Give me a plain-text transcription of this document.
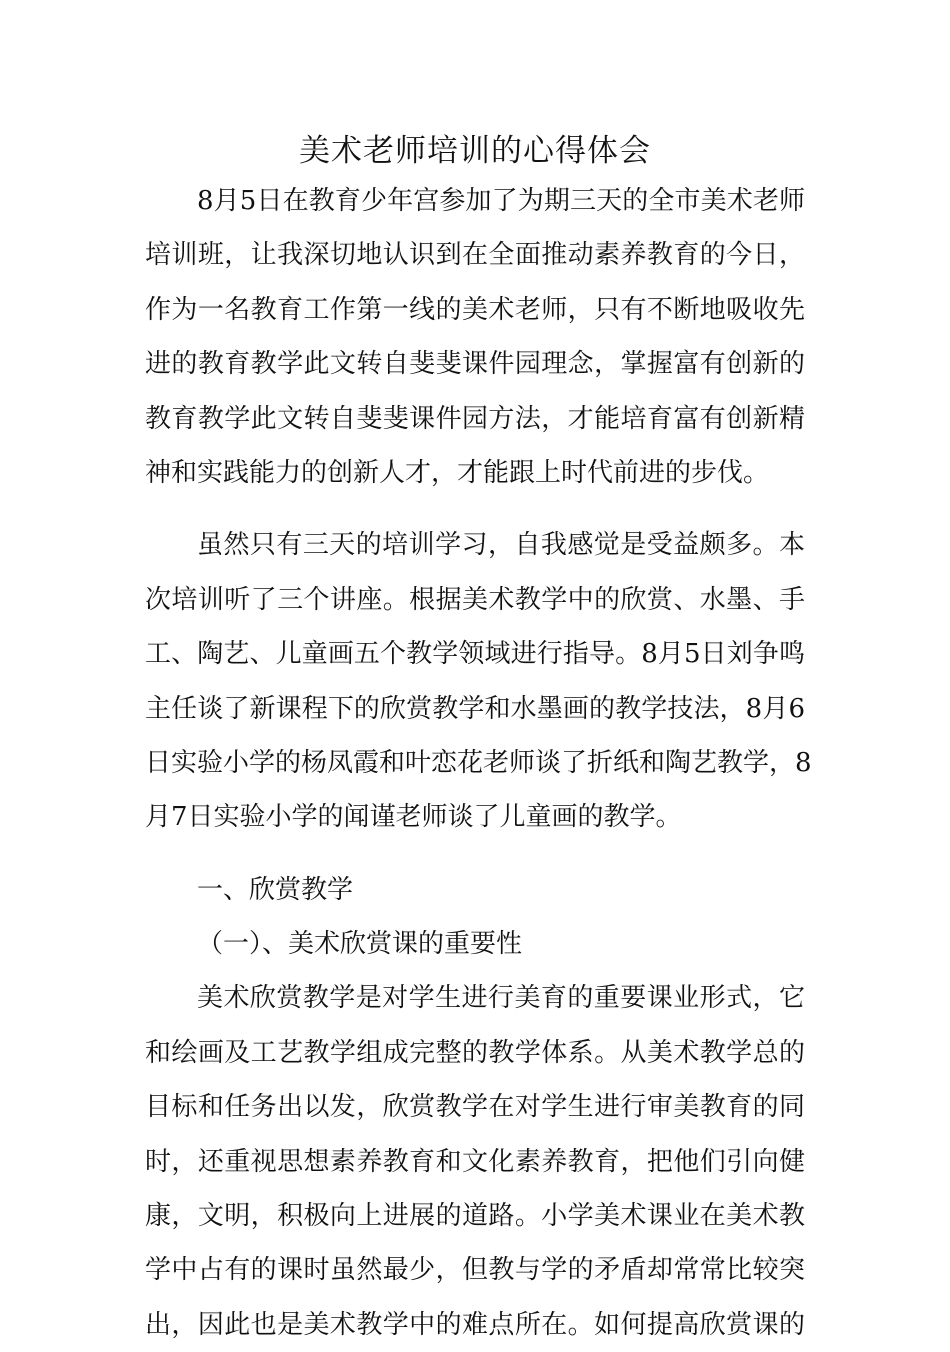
美术老师培训的心得体会
8月5日在教育少年宫参加了为期三天的全市美术老师
培训班，让我深切地认识到在全面推动素养教育的今日，
作为一名教育工作第一线的美术老师，只有不断地吸收先
进的教育教学此文转自斐斐课件园理念，掌握富有创新的
教育教学此文转自斐斐课件园方法，才能培育富有创新精
神和实践能力的创新人才，才能跟上时代前进的步伐。
虽然只有三天的培训学习，自我感觉是受益颇多。本
次培训听了三个讲座。根据美术教学中的欣赏、水墨、手
工、陶艺、儿童画五个教学领域进行指导。8月5日刘争鸣
主任谈了新课程下的欣赏教学和水墨画的教学技法，8月6
日实验小学的杨凤霞和叶恋花老师谈了折纸和陶艺教学，8
月7日实验小学的闻谨老师谈了儿童画的教学。
一、欣赏教学
（一）、美术欣赏课的重要性
美术欣赏教学是对学生进行美育的重要课业形式，它
和绘画及工艺教学组成完整的教学体系。从美术教学总的
目标和任务出以发，欣赏教学在对学生进行审美教育的同
时，还重视思想素养教育和文化素养教育，把他们引向健
康，文明，积极向上进展的道路。小学美术课业在美术教
学中占有的课时虽然最少，但教与学的矛盾却常常比较突
出，因此也是美术教学中的难点所在。如何提高欣赏课的
